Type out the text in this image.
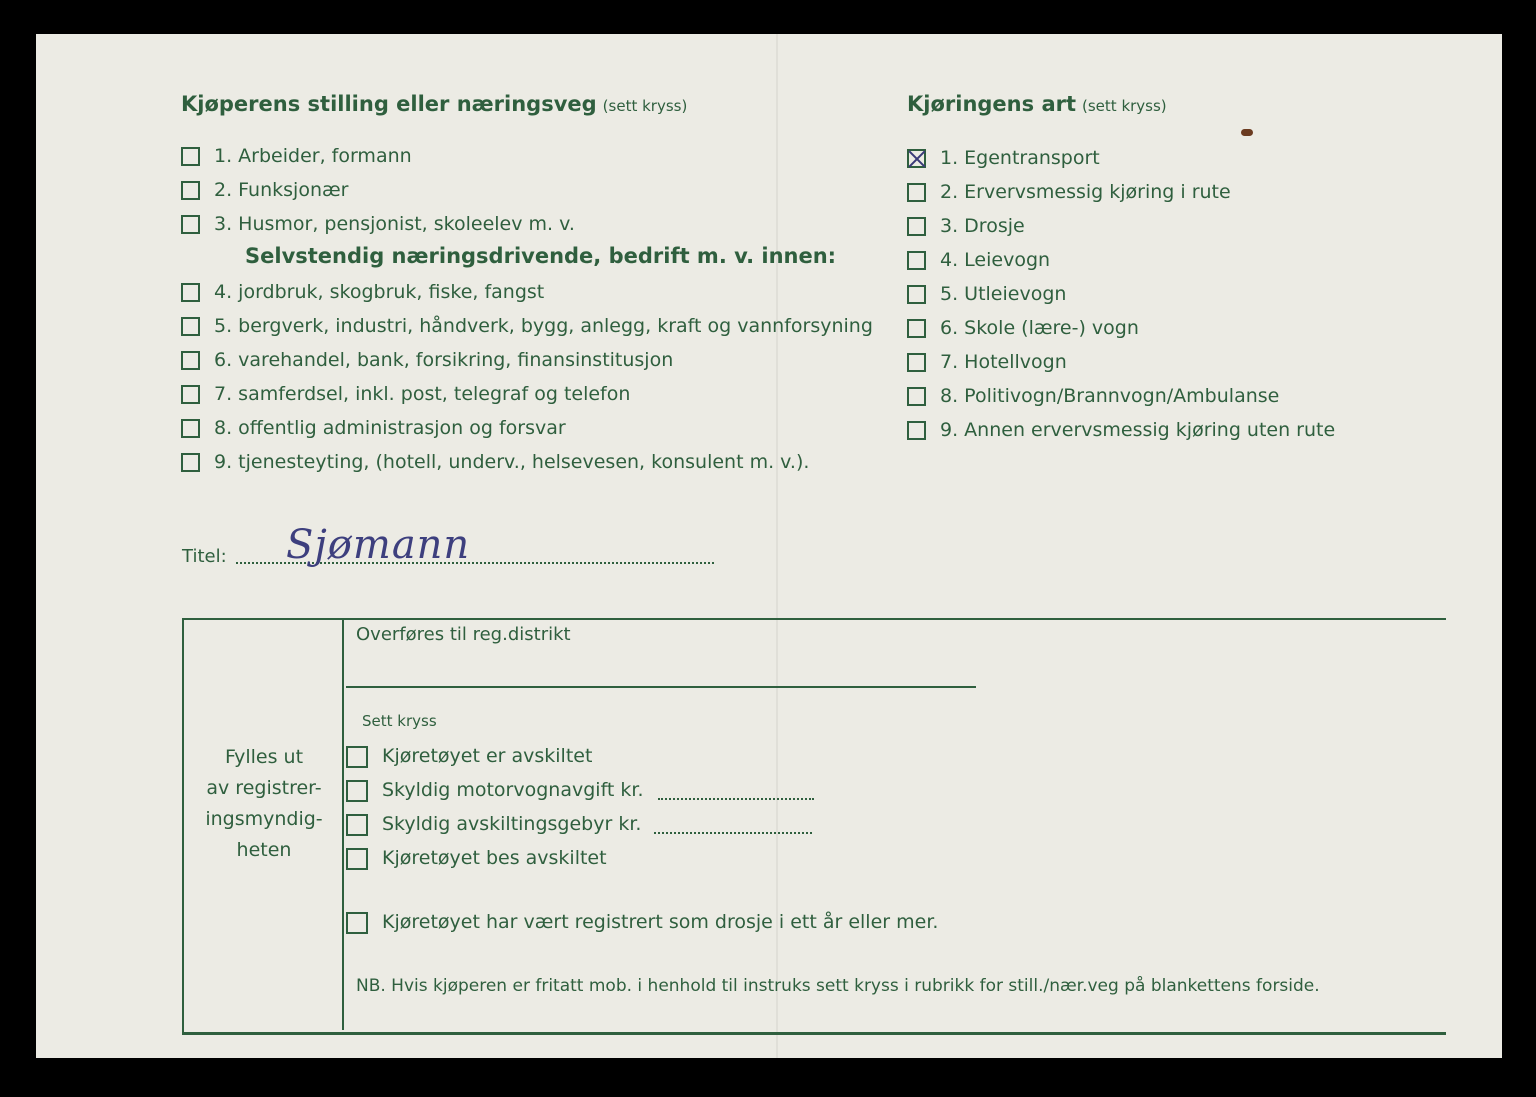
Kjøperens stilling eller næringsveg (sett kryss)
1. Arbeider, formann
2. Funksjonær
3. Husmor, pensjonist, skoleelev m. v.
Selvstendig næringsdrivende, bedrift m. v. innen:
4. jordbruk, skogbruk, fiske, fangst
5. bergverk, industri, håndverk, bygg, anlegg, kraft og vannforsyning
6. varehandel, bank, forsikring, finansinstitusjon
7. samferdsel, inkl. post, telegraf og telefon
8. offentlig administrasjon og forsvar
9. tjenesteyting, (hotell, underv., helsevesen, konsulent m. v.).
Kjøringens art (sett kryss)
1. Egentransport
2. Ervervsmessig kjøring i rute
3. Drosje
4. Leievogn
5. Utleievogn
6. Skole (lære-) vogn
7. Hotellvogn
8. Politivogn/Brannvogn/Ambulanse
9. Annen ervervsmessig kjøring uten rute
Titel: Sjømann
Fylles ut
av registrer-
ingsmyndig-
heten
Overføres til reg.distrikt
Sett kryss
Kjøretøyet er avskiltet
Skyldig motorvognavgift kr.
Skyldig avskiltingsgebyr kr.
Kjøretøyet bes avskiltet
Kjøretøyet har vært registrert som drosje i ett år eller mer.
NB. Hvis kjøperen er fritatt mob. i henhold til instruks sett kryss i rubrikk for still./nær.veg på blankettens forside.
